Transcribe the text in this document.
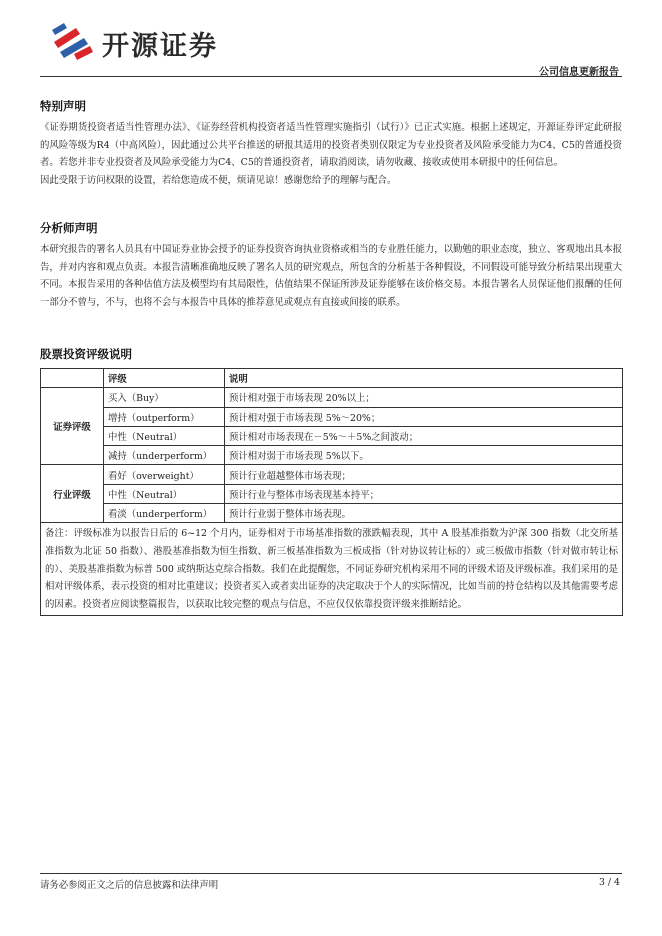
开源证券
公司信息更新报告
特别声明

《证券期货投资者适当性管理办法》、《证券经营机构投资者适当性管理实施指引（试行）》已正式实施。根据上述规定，开源证券评定此研报的风险等级为R4（中高风险），因此通过公共平台推送的研报其适用的投资者类别仅限定为专业投资者及风险承受能力为C4、C5的普通投资者。若您并非专业投资者及风险承受能力为C4、C5的普通投资者，请取消阅读，请勿收藏、接收或使用本研报中的任何信息。

因此受限于访问权限的设置，若给您造成不便，烦请见谅！感谢您给予的理解与配合。

分析师声明

本研究报告的署名人员具有中国证券业协会授予的证券投资咨询执业资格或相当的专业胜任能力，以勤勉的职业态度，独立、客观地出具本报告，并对内容和观点负责。本报告清晰准确地反映了署名人员的研究观点，所包含的分析基于各种假设，不同假设可能导致分析结果出现重大不同。本报告采用的各种估值方法及模型均有其局限性，估值结果不保证所涉及证券能够在该价格交易。本报告署名人员保证他们报酬的任何一部分不曾与，不与，也将不会与本报告中具体的推荐意见或观点有直接或间接的联系。

股票投资评级说明
	评级	说明
证券评级	买入（Buy）	预计相对强于市场表现 20%以上；
	增持（outperform）	预计相对强于市场表现 5%～20%；
	中性（Neutral）	预计相对市场表现在－5%～＋5%之间波动；
	减持（underperform）	预计相对弱于市场表现 5%以下。
行业评级	看好（overweight）	预计行业超越整体市场表现；
	中性（Neutral）	预计行业与整体市场表现基本持平；
	看淡（underperform）	预计行业弱于整体市场表现。
备注：评级标准为以报告日后的 6~12 个月内，证券相对于市场基准指数的涨跌幅表现，其中 A 股基准指数为沪深 300 指数（北交所基准指数为北证 50 指数）、港股基准指数为恒生指数、新三板基准指数为三板成指（针对协议转让标的）或三板做市指数（针对做市转让标的）、美股基准指数为标普 500 或纳斯达克综合指数。我们在此提醒您，不同证券研究机构采用不同的评级术语及评级标准。我们采用的是相对评级体系，表示投资的相对比重建议；投资者买入或者卖出证券的决定取决于个人的实际情况，比如当前的持仓结构以及其他需要考虑的因素。投资者应阅读整篇报告，以获取比较完整的观点与信息，不应仅仅依靠投资评级来推断结论。		
请务必参阅正文之后的信息披露和法律声明	3 / 4
